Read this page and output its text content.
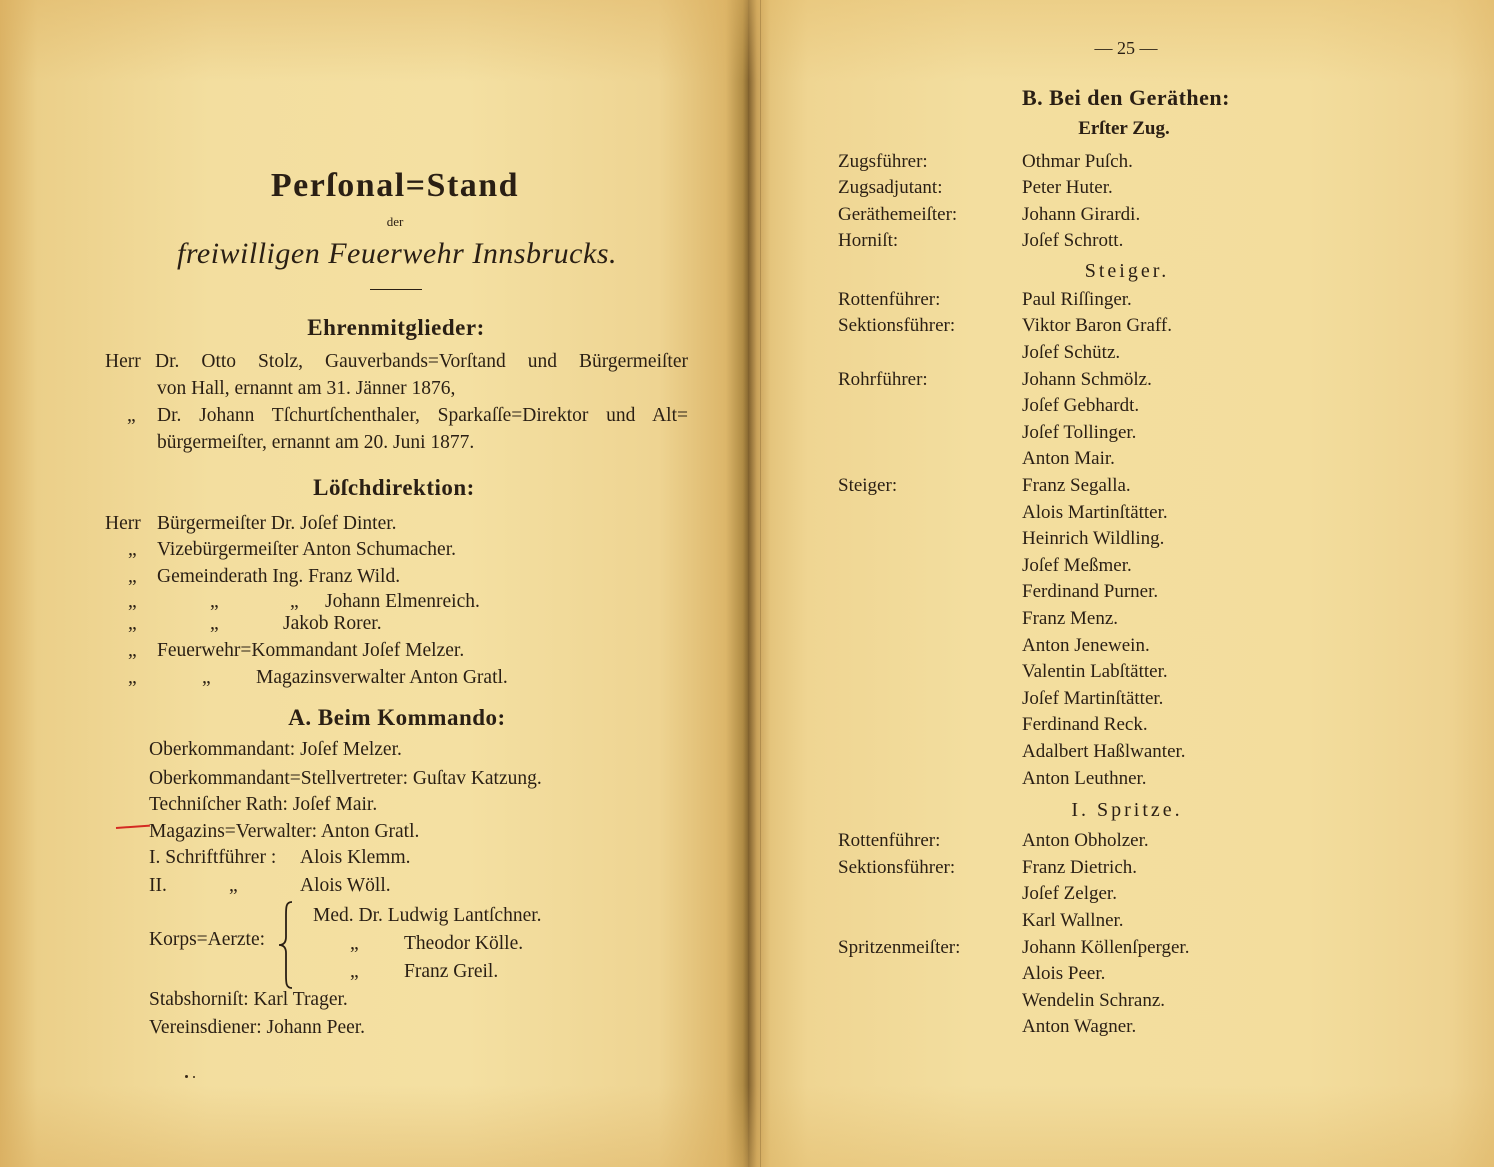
Perſonal=Stand
der
freiwilligen Feuerwehr Innsbrucks.
Ehrenmitglieder:
Herr Dr. Otto Stolz, Gauverbands=Vorſtand und Bürgermeiſter
von Hall, ernannt am 31. Jänner 1876,
„ Dr. Johann Tſchurtſchenthaler, Sparkaſſe=Direktor und Alt=
bürgermeiſter, ernannt am 20. Juni 1877.
Löſchdirektion:
Herr Bürgermeiſter Dr. Joſef Dinter.
„ Vizebürgermeiſter Anton Schumacher.
„ Gemeinderath Ing. Franz Wild.
„	„	„ Johann Elmenreich.
„	„	Jakob Rorer.
„ Feuerwehr=Kommandant Joſef Melzer.
„	„ Magazinsverwalter Anton Gratl.
A. Beim Kommando:
Oberkommandant: Joſef Melzer.
Oberkommandant=Stellvertreter: Guſtav Katzung.
Techniſcher Rath: Joſef Mair.
Magazins=Verwalter: Anton Gratl.
I. Schriftführer : Alois Klemm.
II.	„	Alois Wöll.
Korps=Aerzte:
Med. Dr. Ludwig Lantſchner.
„ Theodor Kölle.
„ Franz Greil.
Stabshorniſt: Karl Trager.
Vereinsdiener: Johann Peer.
— 25 —
B. Bei den Geräthen:
Erſter Zug.
Zugsführer:	Othmar Puſch.
Zugsadjutant:	Peter Huter.
Geräthemeiſter:	Johann Girardi.
Horniſt:	Joſef Schrott.
Steiger.
Rottenführer:	Paul Riſſinger.
Sektionsführer:	Viktor Baron Graff.
Joſef Schütz.
Rohrführer:	Johann Schmölz.
Joſef Gebhardt.
Joſef Tollinger.
Anton Mair.
Steiger:	Franz Segalla.
Alois Martinſtätter.
Heinrich Wildling.
Joſef Meßmer.
Ferdinand Purner.
Franz Menz.
Anton Jenewein.
Valentin Labſtätter.
Joſef Martinſtätter.
Ferdinand Reck.
Adalbert Haßlwanter.
Anton Leuthner.
I. Spritze.
Rottenführer:	Anton Obholzer.
Sektionsführer:	Franz Dietrich.
Joſef Zelger.
Karl Wallner.
Spritzenmeiſter:	Johann Köllenſperger.
Alois Peer.
Wendelin Schranz.
Anton Wagner.
